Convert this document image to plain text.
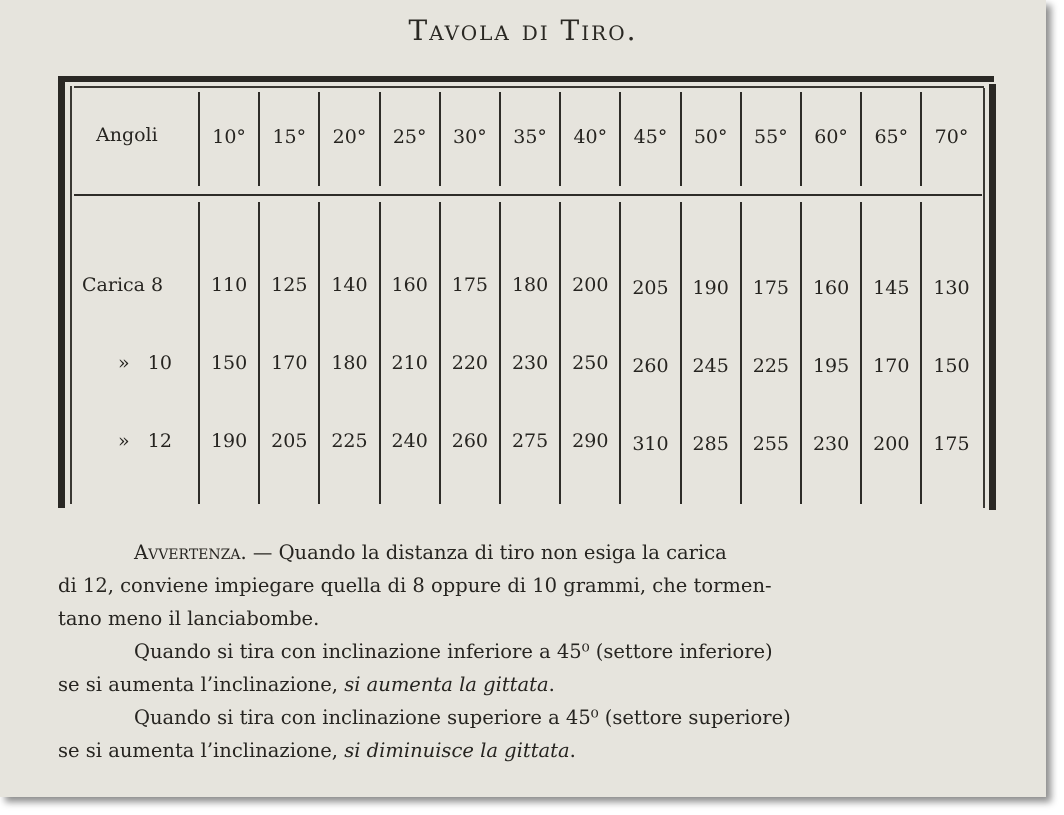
Tavola di Tiro.
Angoli	10°	15°	20°	25°	30°	35°	40°	45°	50°	55°	60°	65°	70°
Carica 8	110	125	140	160	175	180	200	205	190	175	160	145	130
»   10	150	170	180	210	220	230	250	260	245	225	195	170	150
»   12	190	205	225	240	260	275	290	310	285	255	230	200	175

Avvertenza. — Quando la distanza di tiro non esiga la carica

di 12, conviene impiegare quella di 8 oppure di 10 grammi, che tormen-

tano meno il lanciabombe.

Quando si tira con inclinazione inferiore a 45⁰ (settore inferiore)

se si aumenta l’inclinazione, si aumenta la gittata.

Quando si tira con inclinazione superiore a 45⁰ (settore superiore)

se si aumenta l’inclinazione, si diminuisce la gittata.
